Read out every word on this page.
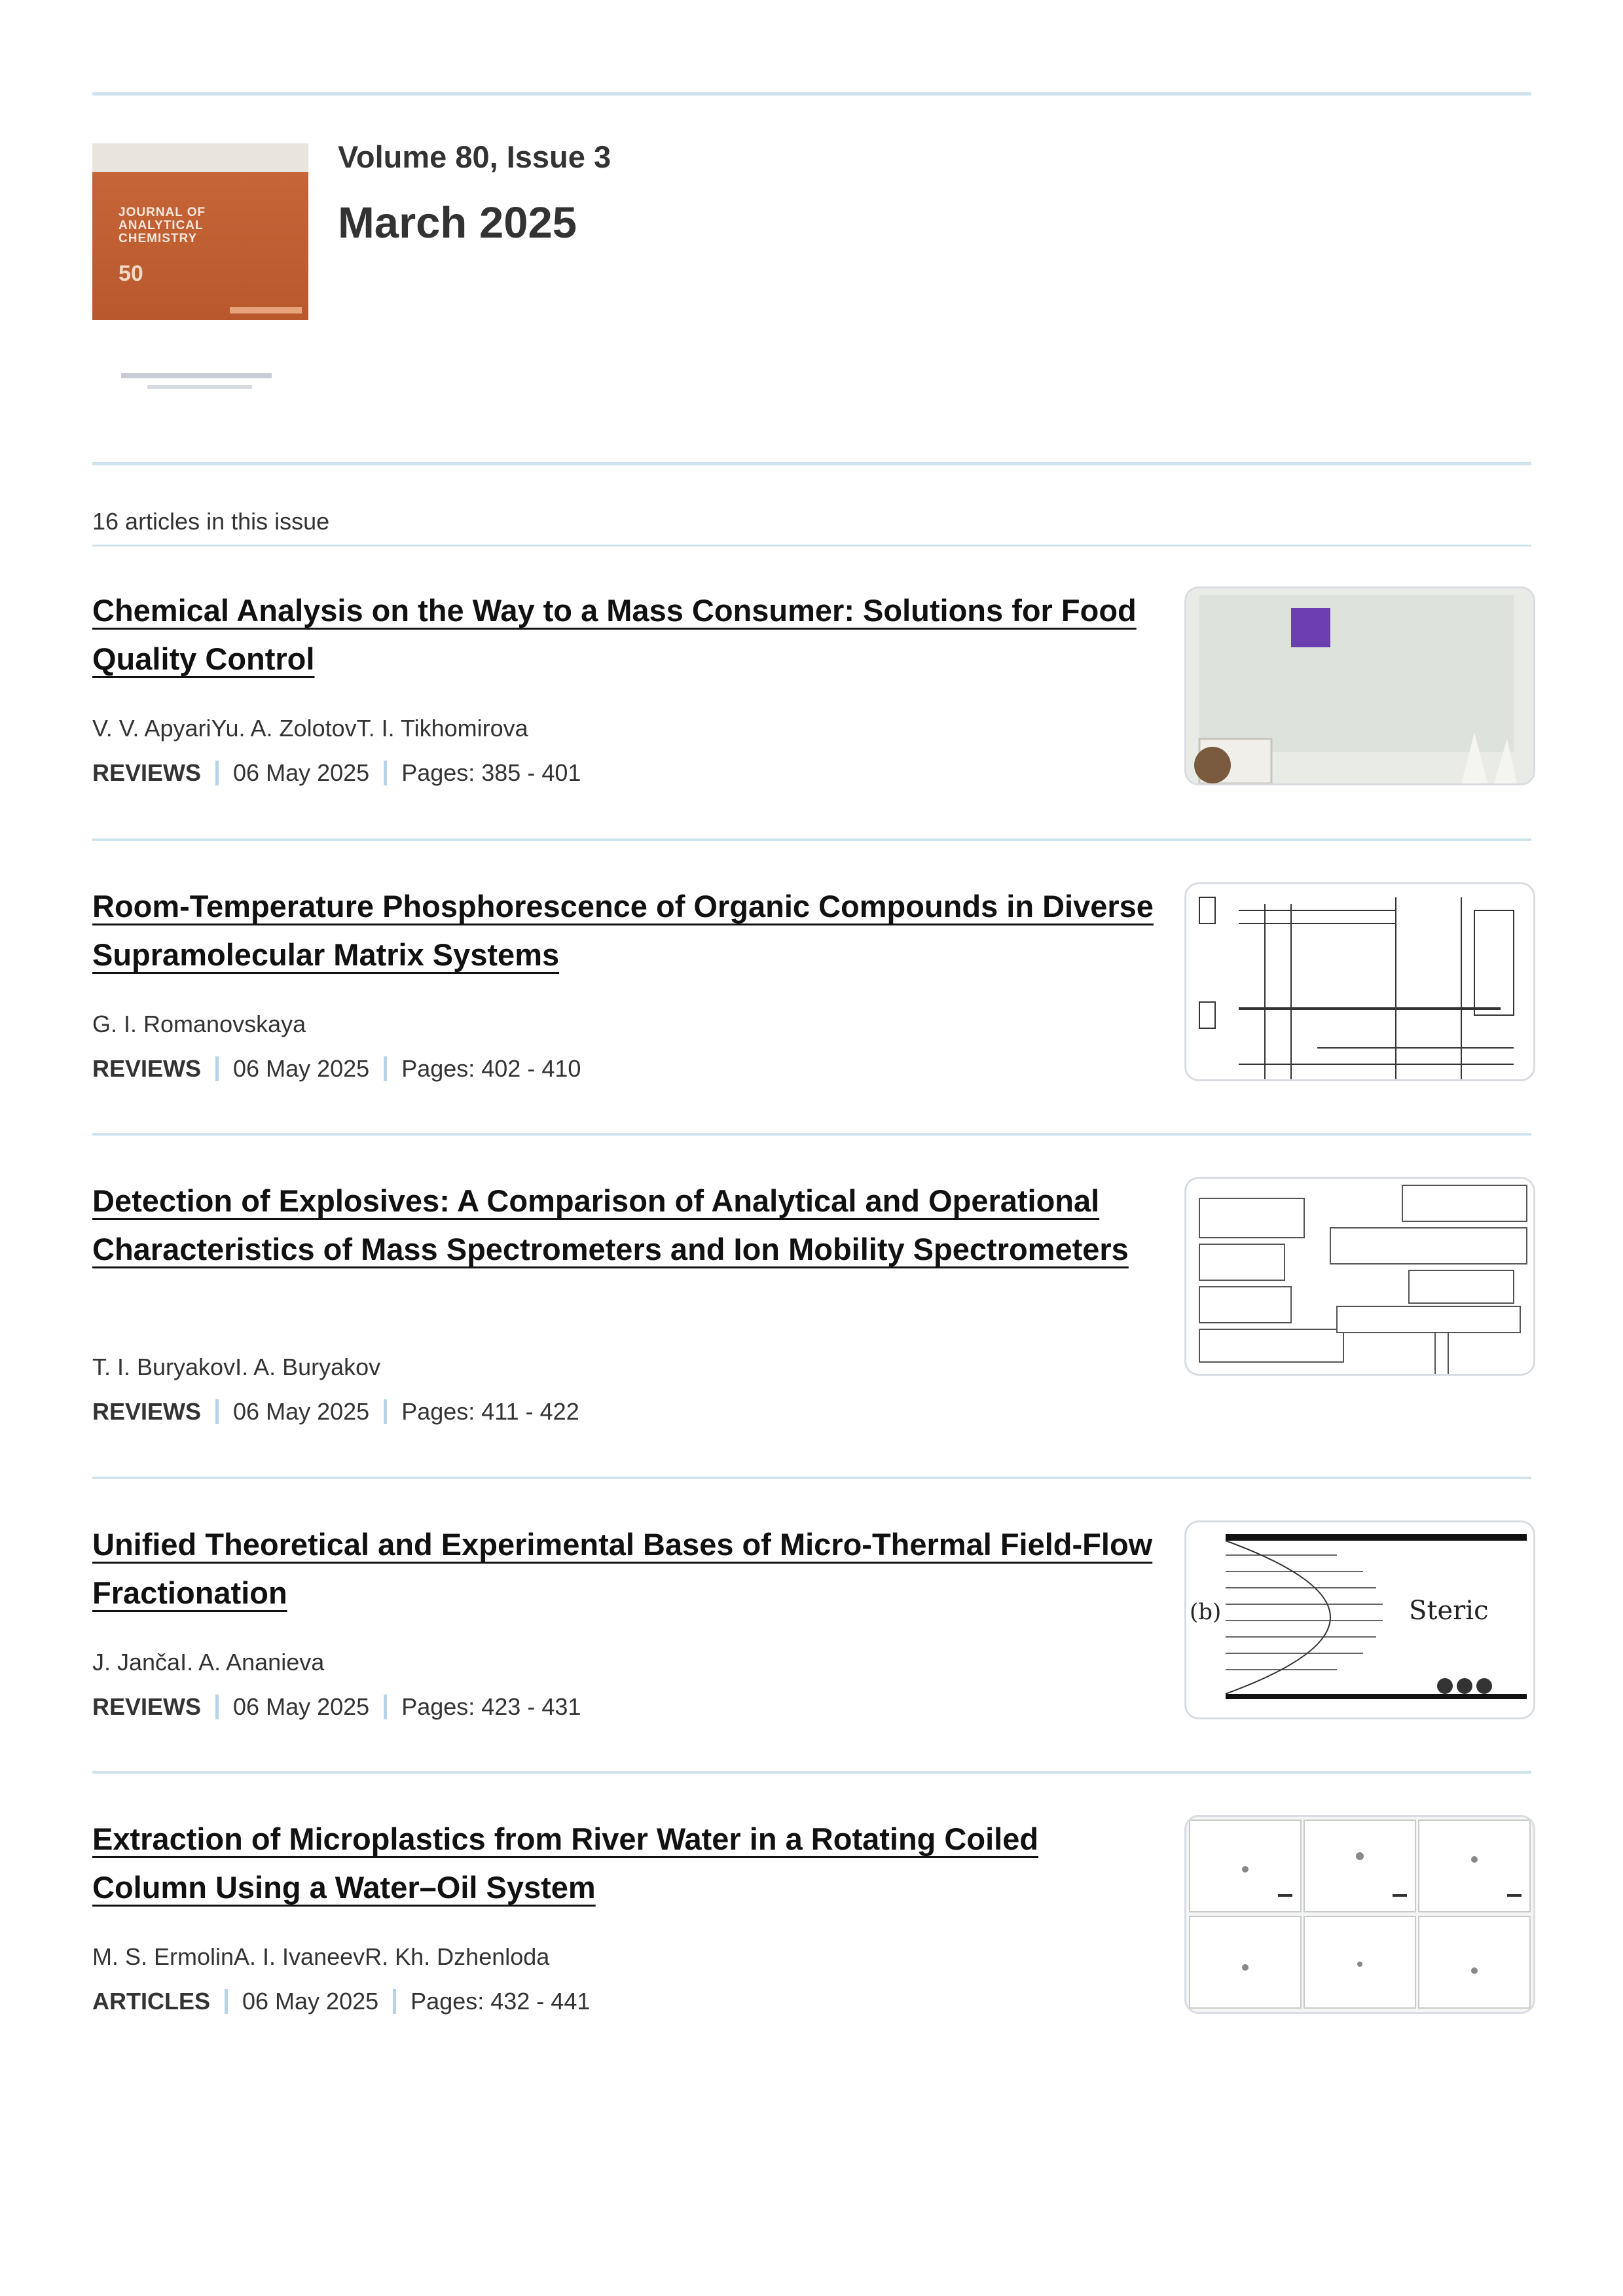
JOURNAL OF ANALYTICAL CHEMISTRY
50
Volume 80, Issue 3
March 2025
16 articles in this issue
Chemical Analysis on the Way to a Mass Consumer: Solutions for Food Quality Control
V. V. ApyariYu. A. ZolotovT. I. Tikhomirova
REVIEWS 06 May 2025 Pages: 385 - 401
Room-Temperature Phosphorescence of Organic Compounds in Diverse Supramolecular Matrix Systems
G. I. Romanovskaya
REVIEWS 06 May 2025 Pages: 402 - 410
Detection of Explosives: A Comparison of Analytical and Operational Characteristics of Mass Spectrometers and Ion Mobility Spectrometers
T. I. BuryakovI. A. Buryakov
REVIEWS 06 May 2025 Pages: 411 - 422
Unified Theoretical and Experimental Bases of Micro-Thermal Field-Flow Fractionation
J. JančaI. A. Ananieva
REVIEWS 06 May 2025 Pages: 423 - 431
(b)	Steric
Extraction of Microplastics from River Water in a Rotating Coiled Column Using a Water–Oil System
M. S. ErmolinA. I. IvaneevR. Kh. Dzhenloda
ARTICLES 06 May 2025 Pages: 432 - 441
